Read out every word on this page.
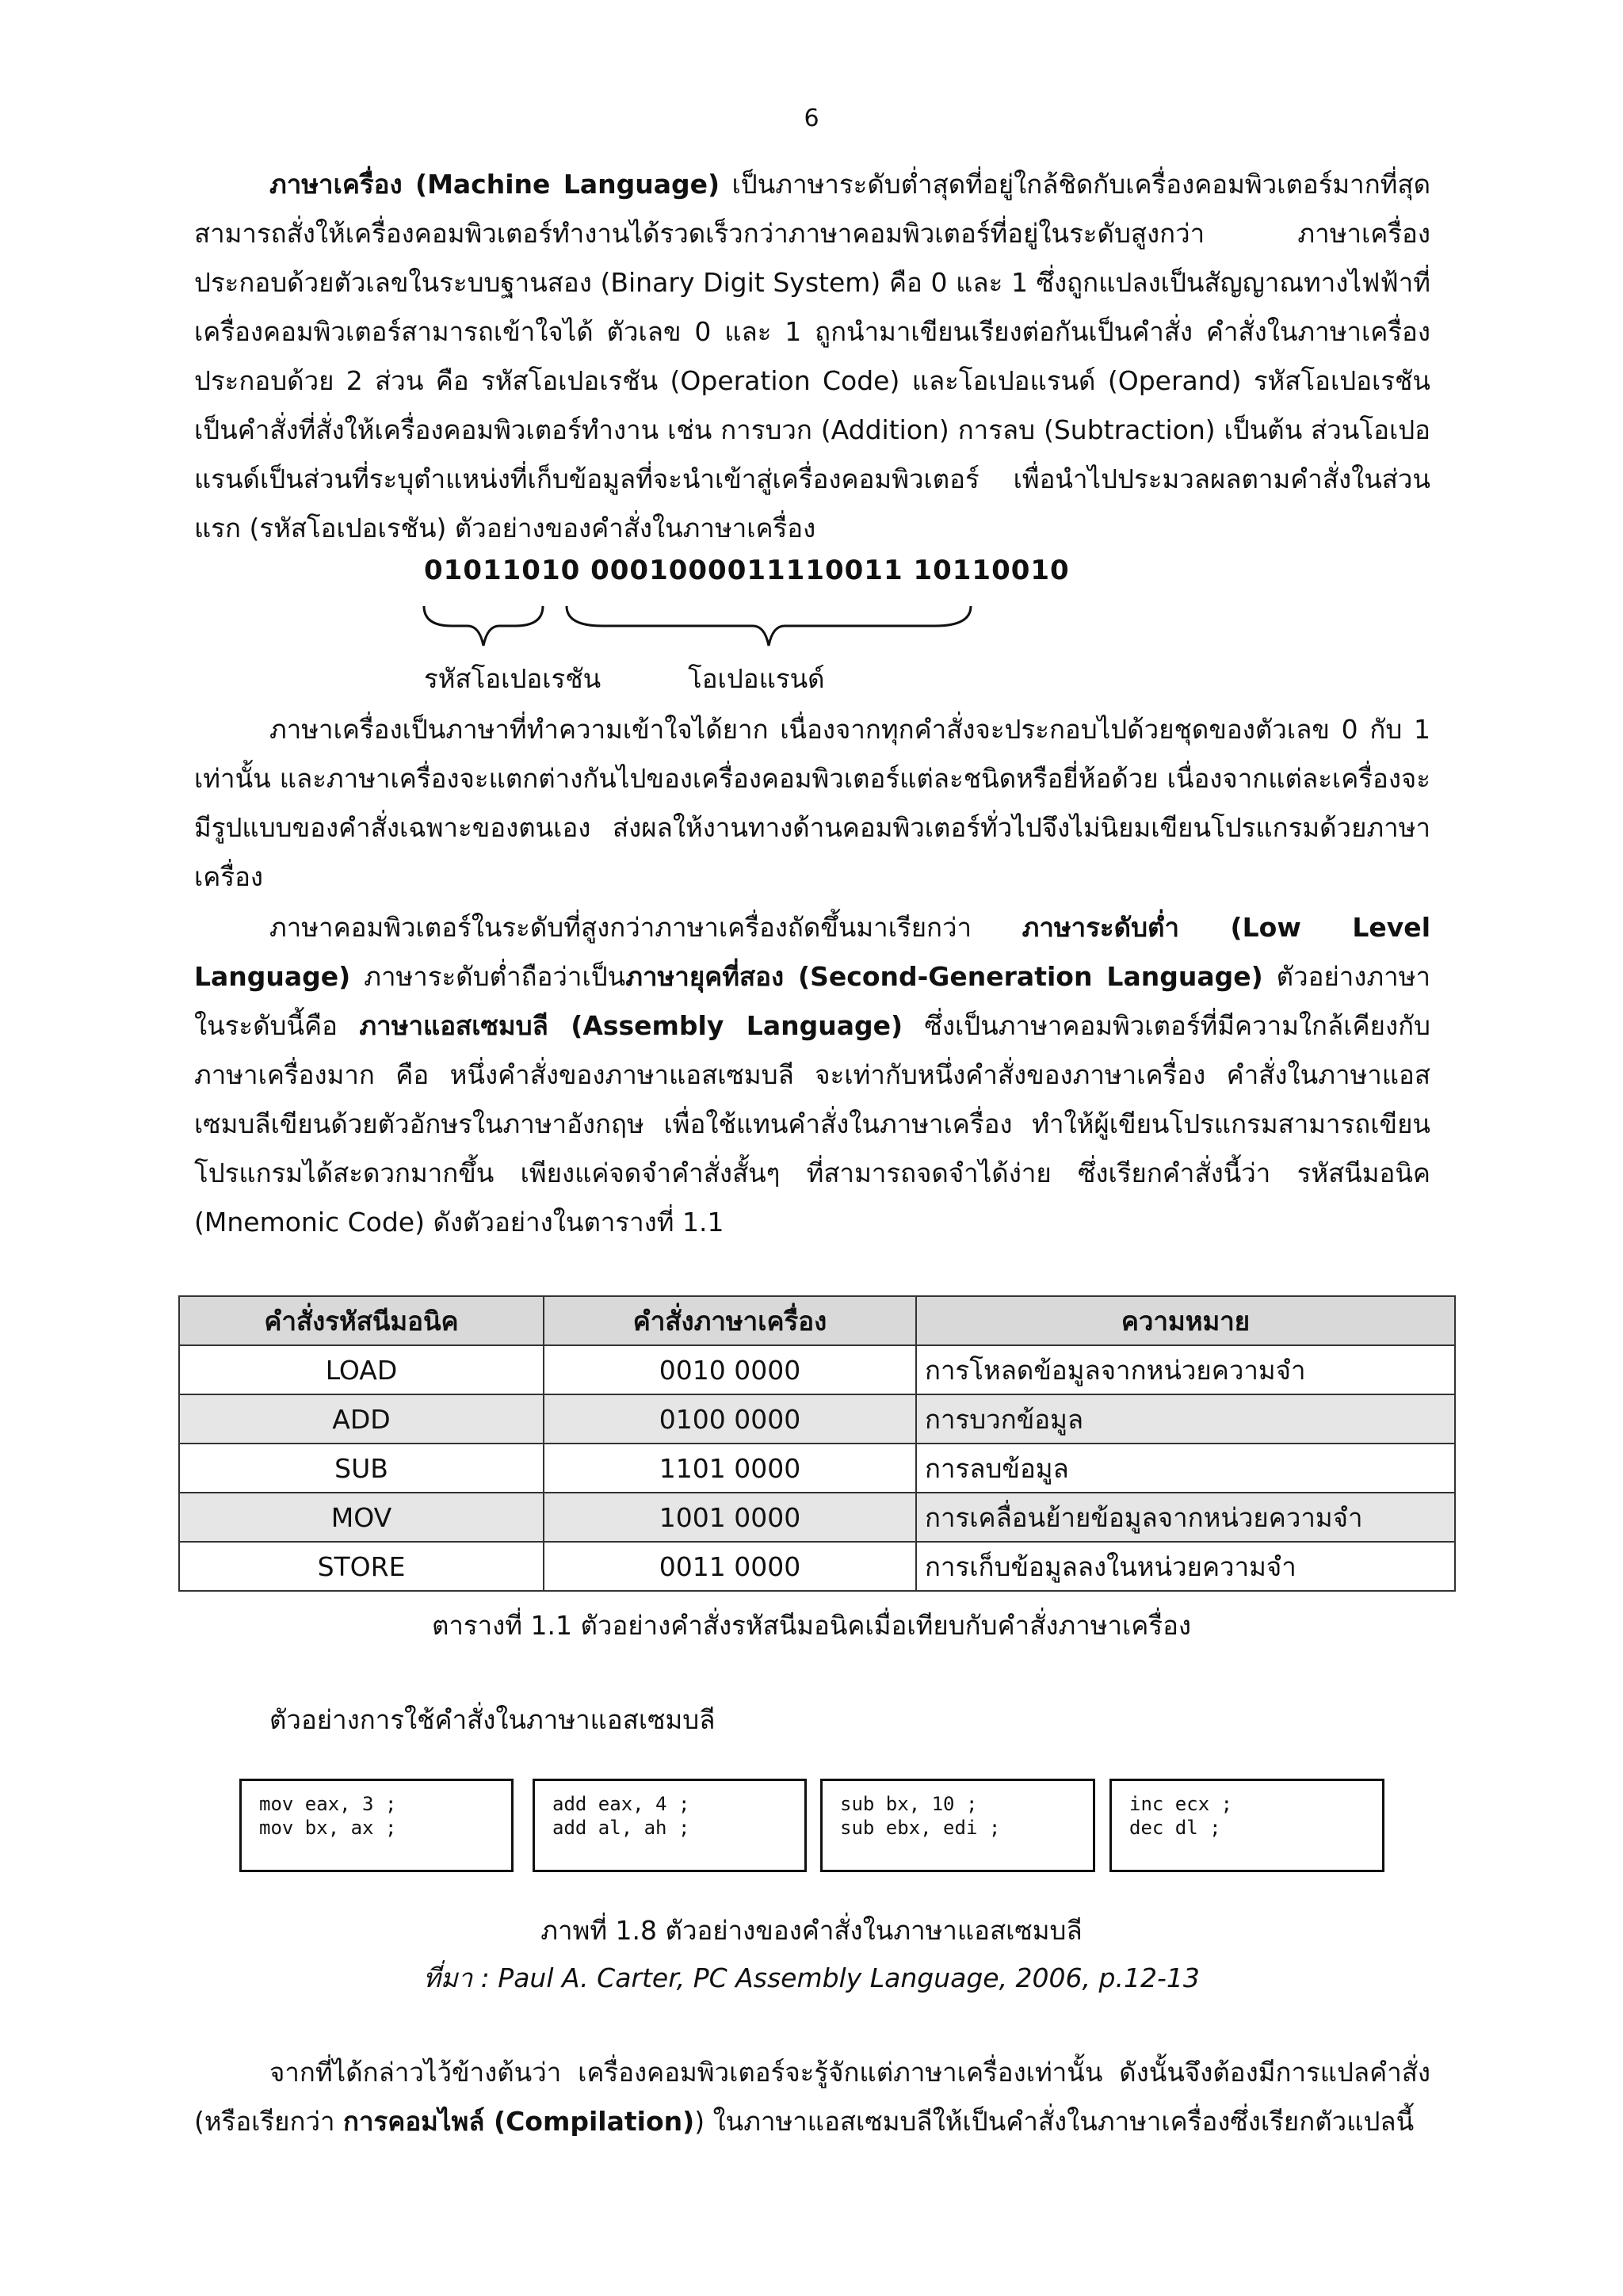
6

ภาษาเครื่อง (Machine Language) เป็นภาษาระดับต่ำสุดที่อยู่ใกล้ชิดกับเครื่องคอมพิวเตอร์มากที่สุด สามารถสั่งให้เครื่องคอมพิวเตอร์ทำงานได้รวดเร็วกว่าภาษาคอมพิวเตอร์ที่อยู่ในระดับสูงกว่า ภาษาเครื่องประกอบด้วยตัวเลขในระบบฐานสอง (Binary Digit System) คือ 0 และ 1 ซึ่งถูกแปลงเป็นสัญญาณทางไฟฟ้าที่เครื่องคอมพิวเตอร์สามารถเข้าใจได้ ตัวเลข 0 และ 1 ถูกนำมาเขียนเรียงต่อกันเป็นคำสั่ง คำสั่งในภาษาเครื่องประกอบด้วย 2 ส่วน คือ รหัสโอเปอเรชัน (Operation Code) และโอเปอแรนด์ (Operand) รหัสโอเปอเรชันเป็นคำสั่งที่สั่งให้เครื่องคอมพิวเตอร์ทำงาน เช่น การบวก (Addition) การลบ (Subtraction) เป็นต้น ส่วนโอเปอแรนด์เป็นส่วนที่ระบุตำแหน่งที่เก็บข้อมูลที่จะนำเข้าสู่เครื่องคอมพิวเตอร์ เพื่อนำไปประมวลผลตามคำสั่งในส่วนแรก (รหัสโอเปอเรชัน) ตัวอย่างของคำสั่งในภาษาเครื่อง

01011010 0001000011110011 10110010
รหัสโอเปอเรชัน	โอเปอแรนด์

ภาษาเครื่องเป็นภาษาที่ทำความเข้าใจได้ยาก เนื่องจากทุกคำสั่งจะประกอบไปด้วยชุดของตัวเลข 0 กับ 1 เท่านั้น และภาษาเครื่องจะแตกต่างกันไปของเครื่องคอมพิวเตอร์แต่ละชนิดหรือยี่ห้อด้วย เนื่องจากแต่ละเครื่องจะมีรูปแบบของคำสั่งเฉพาะของตนเอง ส่งผลให้งานทางด้านคอมพิวเตอร์ทั่วไปจึงไม่นิยมเขียนโปรแกรมด้วยภาษาเครื่อง

ภาษาคอมพิวเตอร์ในระดับที่สูงกว่าภาษาเครื่องถัดขึ้นมาเรียกว่า ภาษาระดับต่ำ (Low Level Language) ภาษาระดับต่ำถือว่าเป็นภาษายุคที่สอง (Second-Generation Language) ตัวอย่างภาษาในระดับนี้คือ ภาษาแอสเซมบลี (Assembly Language) ซึ่งเป็นภาษาคอมพิวเตอร์ที่มีความใกล้เคียงกับภาษาเครื่องมาก คือ หนึ่งคำสั่งของภาษาแอสเซมบลี จะเท่ากับหนึ่งคำสั่งของภาษาเครื่อง คำสั่งในภาษาแอสเซมบลีเขียนด้วยตัวอักษรในภาษาอังกฤษ เพื่อใช้แทนคำสั่งในภาษาเครื่อง ทำให้ผู้เขียนโปรแกรมสามารถเขียนโปรแกรมได้สะดวกมากขึ้น เพียงแค่จดจำคำสั่งสั้นๆ ที่สามารถจดจำได้ง่าย ซึ่งเรียกคำสั่งนี้ว่า รหัสนีมอนิค (Mnemonic Code) ดังตัวอย่างในตารางที่ 1.1

คำสั่งรหัสนีมอนิค	คำสั่งภาษาเครื่อง	ความหมาย
LOAD	0010 0000	การโหลดข้อมูลจากหน่วยความจำ
ADD	0100 0000	การบวกข้อมูล
SUB	1101 0000	การลบข้อมูล
MOV	1001 0000	การเคลื่อนย้ายข้อมูลจากหน่วยความจำ
STORE	0011 0000	การเก็บข้อมูลลงในหน่วยความจำ
ตารางที่ 1.1 ตัวอย่างคำสั่งรหัสนีมอนิคเมื่อเทียบกับคำสั่งภาษาเครื่อง
ตัวอย่างการใช้คำสั่งในภาษาแอสเซมบลี
mov eax, 3 ;
mov bx, ax ;
add eax, 4 ;
add al, ah ;
sub bx, 10 ;
sub ebx, edi ;
inc ecx ;
dec dl ;
ภาพที่ 1.8 ตัวอย่างของคำสั่งในภาษาแอสเซมบลี
ที่มา : Paul A. Carter, PC Assembly Language, 2006, p.12-13

จากที่ได้กล่าวไว้ข้างต้นว่า เครื่องคอมพิวเตอร์จะรู้จักแต่ภาษาเครื่องเท่านั้น ดังนั้นจึงต้องมีการแปลคำสั่ง (หรือเรียกว่า การคอมไพล์ (Compilation)) ในภาษาแอสเซมบลีให้เป็นคำสั่งในภาษาเครื่องซึ่งเรียกตัวแปลนี้
